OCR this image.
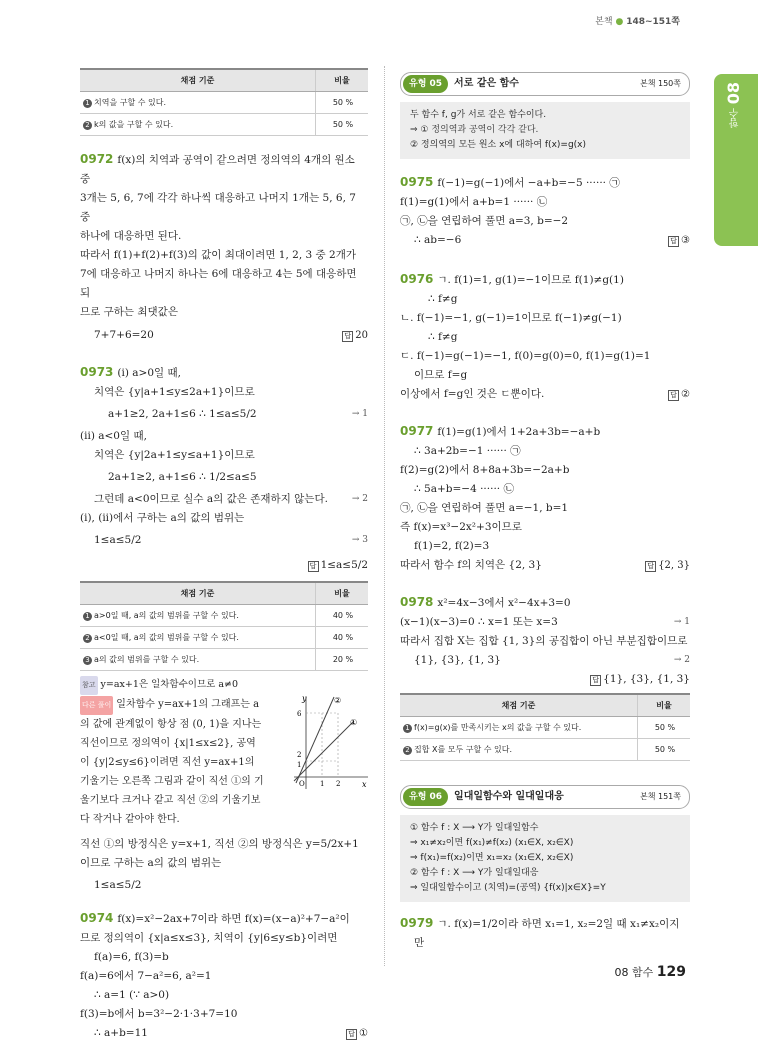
본책 ● 148~151쪽
08
함수
채점 기준	비율
1 치역을 구할 수 있다.	50 %
2 k의 값을 구할 수 있다.	50 %
0972 f(x)의 치역과 공역이 같으려면 정의역의 4개의 원소 중
3개는 5, 6, 7에 각각 하나씩 대응하고 나머지 1개는 5, 6, 7 중
하나에 대응하면 된다.
따라서 f(1)+f(2)+f(3)의 값이 최대이려면 1, 2, 3 중 2개가
7에 대응하고 나머지 하나는 6에 대응하고 4는 5에 대응하면 되
므로 구하는 최댓값은
7+7+6=20	답 20
0973 (i) a>0일 때,
치역은 {y|a+1≤y≤2a+1}이므로
a+1≥2, 2a+1≤6 ∴ 1≤a≤5/2	→ 1
(ii) a<0일 때,
치역은 {y|2a+1≤y≤a+1}이므로
2a+1≥2, a+1≤6 ∴ 1/2≤a≤5
그런데 a<0이므로 실수 a의 값은 존재하지 않는다.	→ 2
(i), (ii)에서 구하는 a의 값의 범위는
1≤a≤5/2	→ 3
답 1≤a≤5/2
채점 기준	비율
1 a>0일 때, a의 값의 범위를 구할 수 있다.	40 %
2 a<0일 때, a의 값의 범위를 구할 수 있다.	40 %
3 a의 값의 범위를 구할 수 있다.	20 %
참고 y=ax+1은 일차함수이므로 a≠0
다른 풀이 일차함수 y=ax+1의 그래프는 a
의 값에 관계없이 항상 점 (0, 1)을 지나는
직선이므로 정의역이 {x|1≤x≤2}, 공역
이 {y|2≤y≤6}이려면 직선 y=ax+1의
기울기는 오른쪽 그림과 같이 직선 ①의 기
울기보다 크거나 같고 직선 ②의 기울기보
다 작거나 같아야 한다.
y
x
②
①
6
2
1
O 1 2
직선 ①의 방정식은 y=x+1, 직선 ②의 방정식은 y=5/2x+1
이므로 구하는 a의 값의 범위는
1≤a≤5/2
0974 f(x)=x²−2ax+7이라 하면 f(x)=(x−a)²+7−a²이
므로 정의역이 {x|a≤x≤3}, 치역이 {y|6≤y≤b}이려면
f(a)=6, f(3)=b
f(a)=6에서 7−a²=6, a²=1
∴ a=1 (∵ a>0)
f(3)=b에서 b=3²−2·1·3+7=10
∴ a+b=11	답 ①
유형 05 서로 같은 함수	본책 150쪽
두 함수 f, g가 서로 같은 함수이다.
⇒ ① 정의역과 공역이 각각 같다.
② 정의역의 모든 원소 x에 대하여 f(x)=g(x)
0975 f(−1)=g(−1)에서 −a+b=−5 ······ ㉠
f(1)=g(1)에서 a+b=1 ······ ㉡
㉠, ㉡을 연립하여 풀면 a=3, b=−2
∴ ab=−6	답 ③
0976 ㄱ. f(1)=1, g(1)=−1이므로 f(1)≠g(1)
∴ f≠g
ㄴ. f(−1)=−1, g(−1)=1이므로 f(−1)≠g(−1)
∴ f≠g
ㄷ. f(−1)=g(−1)=−1, f(0)=g(0)=0, f(1)=g(1)=1
이므로 f=g
이상에서 f=g인 것은 ㄷ뿐이다.	답 ②
0977 f(1)=g(1)에서 1+2a+3b=−a+b
∴ 3a+2b=−1 ······ ㉠
f(2)=g(2)에서 8+8a+3b=−2a+b
∴ 5a+b=−4 ······ ㉡
㉠, ㉡을 연립하여 풀면 a=−1, b=1
즉 f(x)=x³−2x²+3이므로
f(1)=2, f(2)=3
따라서 함수 f의 치역은 {2, 3}	답 {2, 3}
0978 x²=4x−3에서 x²−4x+3=0
(x−1)(x−3)=0 ∴ x=1 또는 x=3	→ 1
따라서 집합 X는 집합 {1, 3}의 공집합이 아닌 부분집합이므로
{1}, {3}, {1, 3}	→ 2
답 {1}, {3}, {1, 3}
채점 기준	비율
1 f(x)=g(x)를 만족시키는 x의 값을 구할 수 있다.	50 %
2 집합 X를 모두 구할 수 있다.	50 %
유형 06 일대일함수와 일대일대응	본책 151쪽
① 함수 f : X ⟶ Y가 일대일함수
⇒ x₁≠x₂이면 f(x₁)≠f(x₂) (x₁∈X, x₂∈X)
⇒ f(x₁)=f(x₂)이면 x₁=x₂ (x₁∈X, x₂∈X)
② 함수 f : X ⟶ Y가 일대일대응
⇒ 일대일함수이고 (치역)=(공역) {f(x)|x∈X}=Y
0979 ㄱ. f(x)=1/2이라 하면 x₁=1, x₂=2일 때 x₁≠x₂이지
만
08 함수 129
